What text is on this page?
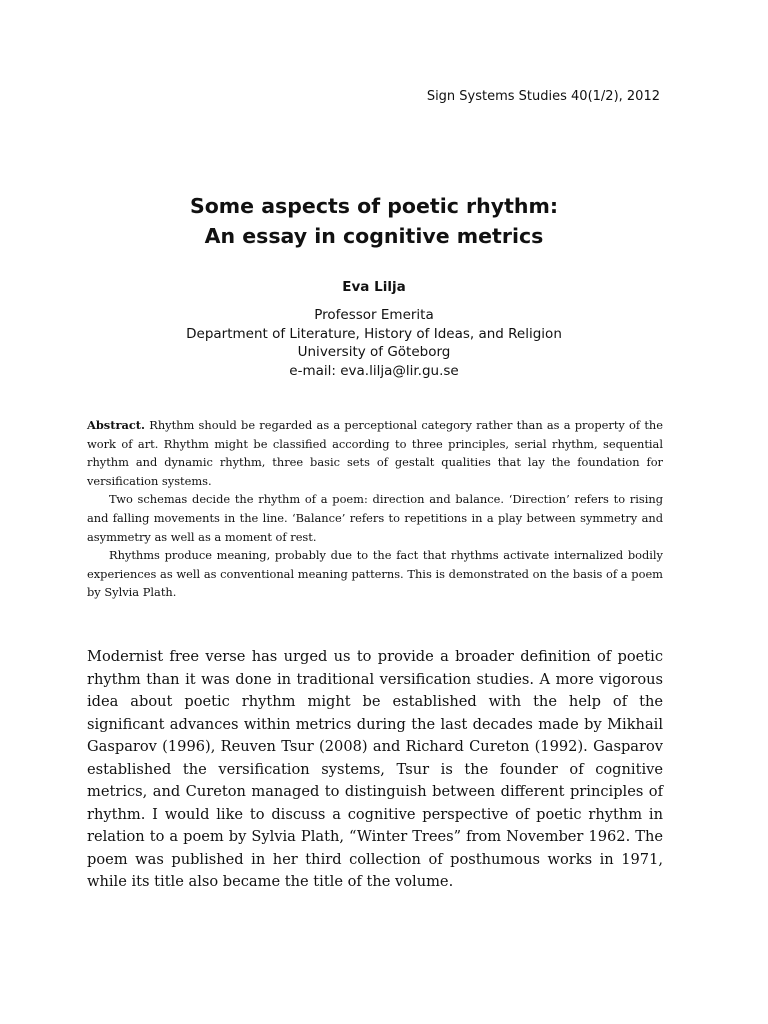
Sign Systems Studies 40(1/2), 2012
Some aspects of poetic rhythm:
An essay in cognitive metrics
Eva Lilja
Professor Emerita
Department of Literature, History of Ideas, and Religion
University of Göteborg
e-mail: eva.lilja@lir.gu.se

Abstract. Rhythm should be regarded as a perceptional category rather than as a property of the work of art. Rhythm might be classified according to three principles, serial rhythm, sequential rhythm and dynamic rhythm, three basic sets of gestalt qualities that lay the foundation for versification systems.

Two schemas decide the rhythm of a poem: direction and balance. ‘Direction’ refers to rising and falling movements in the line. ‘Balance’ refers to repetitions in a play between symmetry and asymmetry as well as a moment of rest.

Rhythms produce meaning, probably due to the fact that rhythms activate internalized bodily experiences as well as conventional meaning patterns. This is demonstrated on the basis of a poem by Sylvia Plath.

Modernist free verse has urged us to provide a broader definition of poetic rhythm than it was done in traditional versification studies. A more vigorous idea about poetic rhythm might be established with the help of the significant advances within metrics during the last decades made by Mikhail Gasparov (1996), Reuven Tsur (2008) and Richard Cureton (1992). Gasparov established the versification systems, Tsur is the founder of cognitive metrics, and Cureton managed to distinguish between different principles of rhythm. I would like to discuss a cognitive perspective of poetic rhythm in relation to a poem by Sylvia Plath, “Winter Trees” from November 1962. The poem was published in her third collection of posthumous works in 1971, while its title also became the title of the volume.
